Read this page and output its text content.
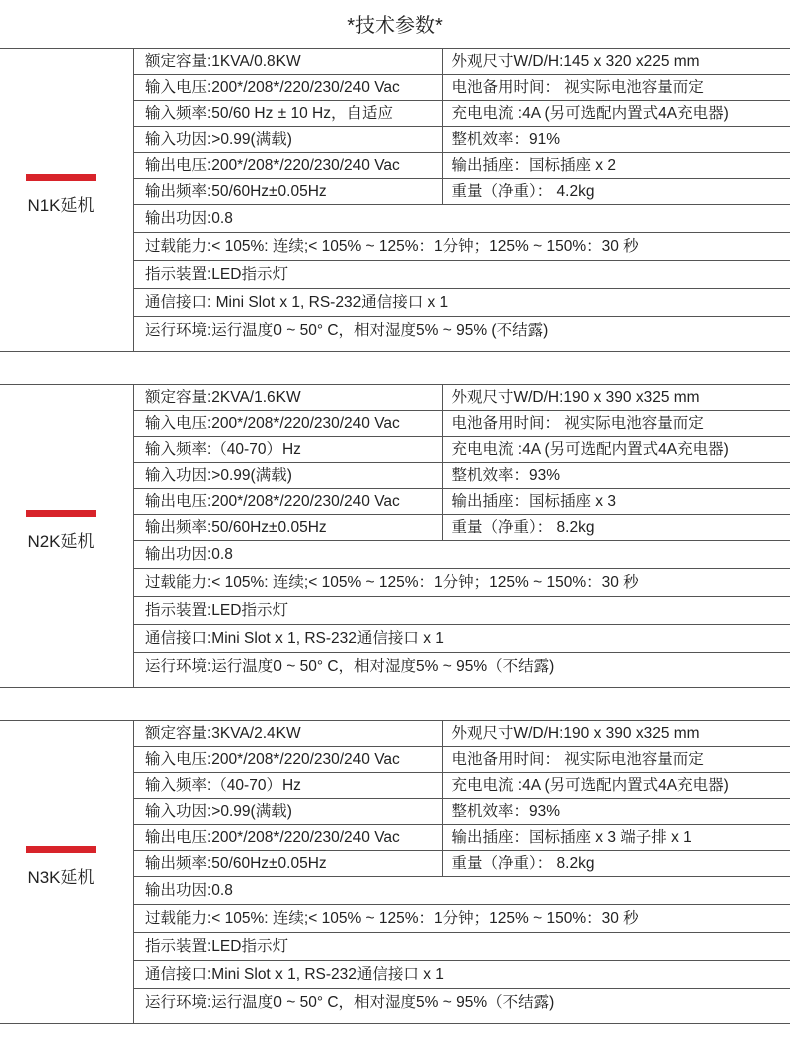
*技术参数*
N1K延机
额定容量:1KVA/0.8KW	外观尺寸W/D/H:145 x 320 x225 mm
输入电压:200*/208*/220/230/240 Vac	电池备用时间： 视实际电池容量而定
输入频率:50/60 Hz ± 10 Hz，自适应	充电电流 :4A (另可选配内置式4A充电器)
输入功因:>0.99(满载)	整机效率：91%
输出电压:200*/208*/220/230/240 Vac	输出插座：国标插座 x 2
输出频率:50/60Hz±0.05Hz	重量（净重）： 4.2kg
输出功因:0.8	
过载能力:< 105%: 连续;< 105% ~ 125%：1分钟；125% ~ 150%：30 秒	
指示装置:LED指示灯	
通信接口: Mini Slot x 1, RS-232通信接口 x 1	
运行环境:运行温度0 ~ 50° C，相对湿度5% ~ 95% (不结露)	
N2K延机
额定容量:2KVA/1.6KW	外观尺寸W/D/H:190 x 390 x325 mm
输入电压:200*/208*/220/230/240 Vac	电池备用时间： 视实际电池容量而定
输入频率:（40-70）Hz	充电电流 :4A (另可选配内置式4A充电器)
输入功因:>0.99(满载)	整机效率：93%
输出电压:200*/208*/220/230/240 Vac	输出插座：国标插座 x 3
输出频率:50/60Hz±0.05Hz	重量（净重）： 8.2kg
输出功因:0.8	
过载能力:< 105%: 连续;< 105% ~ 125%：1分钟；125% ~ 150%：30 秒	
指示装置:LED指示灯	
通信接口:Mini Slot x 1, RS-232通信接口 x 1	
运行环境:运行温度0 ~ 50° C，相对湿度5% ~ 95%（不结露)	
N3K延机
额定容量:3KVA/2.4KW	外观尺寸W/D/H:190 x 390 x325 mm
输入电压:200*/208*/220/230/240 Vac	电池备用时间： 视实际电池容量而定
输入频率:（40-70）Hz	充电电流 :4A (另可选配内置式4A充电器)
输入功因:>0.99(满载)	整机效率：93%
输出电压:200*/208*/220/230/240 Vac	输出插座：国标插座 x 3 端子排 x 1
输出频率:50/60Hz±0.05Hz	重量（净重）： 8.2kg
输出功因:0.8	
过载能力:< 105%: 连续;< 105% ~ 125%：1分钟；125% ~ 150%：30 秒	
指示装置:LED指示灯	
通信接口:Mini Slot x 1, RS-232通信接口 x 1	
运行环境:运行温度0 ~ 50° C，相对湿度5% ~ 95%（不结露)	
